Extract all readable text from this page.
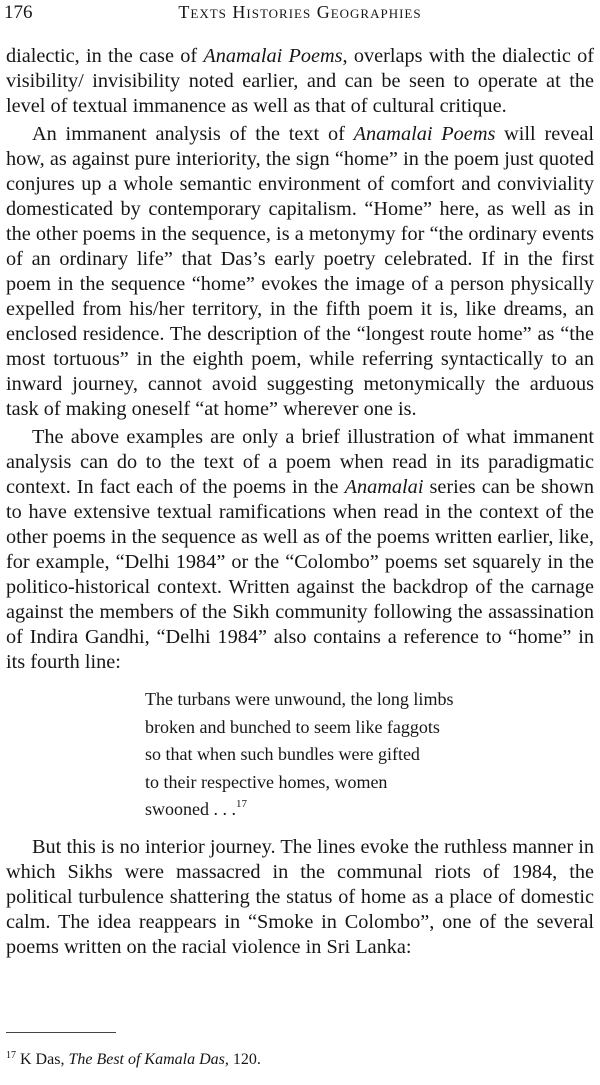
176	Texts Histories Geographies

dialectic, in the case of Anamalai Poems, overlaps with the dialectic of visibility/ invisibility noted earlier, and can be seen to operate at the level of textual immanence as well as that of cultural critique.

An immanent analysis of the text of Anamalai Poems will reveal how, as against pure interiority, the sign “home” in the poem just quoted conjures up a whole semantic environment of comfort and conviviality domesticated by contemporary capitalism. “Home” here, as well as in the other poems in the sequence, is a metonymy for “the ordinary events of an ordinary life” that Das’s early poetry celebrated. If in the first poem in the sequence “home” evokes the image of a person physically expelled from his/her territory, in the fifth poem it is, like dreams, an enclosed residence. The description of the “longest route home” as “the most tortuous” in the eighth poem, while referring syntactically to an inward journey, cannot avoid suggesting metonymically the arduous task of making oneself “at home” wherever one is.

The above examples are only a brief illustration of what immanent analysis can do to the text of a poem when read in its paradigmatic context. In fact each of the poems in the Anamalai series can be shown to have extensive textual ramifications when read in the context of the other poems in the sequence as well as of the poems written earlier, like, for example, “Delhi 1984” or the “Colombo” poems set squarely in the politico-historical context. Written against the backdrop of the carnage against the members of the Sikh community following the assassination of Indira Gandhi, “Delhi 1984” also contains a reference to “home” in its fourth line:

The turbans were unwound, the long limbs
broken and bunched to seem like faggots
so that when such bundles were gifted
to their respective homes, women
swooned . . .$^{17}$

But this is no interior journey. The lines evoke the ruthless manner in which Sikhs were massacred in the communal riots of 1984, the political turbulence shattering the status of home as a place of domestic calm. The idea reappears in “Smoke in Colombo”, one of the several poems written on the racial violence in Sri Lanka:

$^{17}$ K Das, The Best of Kamala Das, 120.
